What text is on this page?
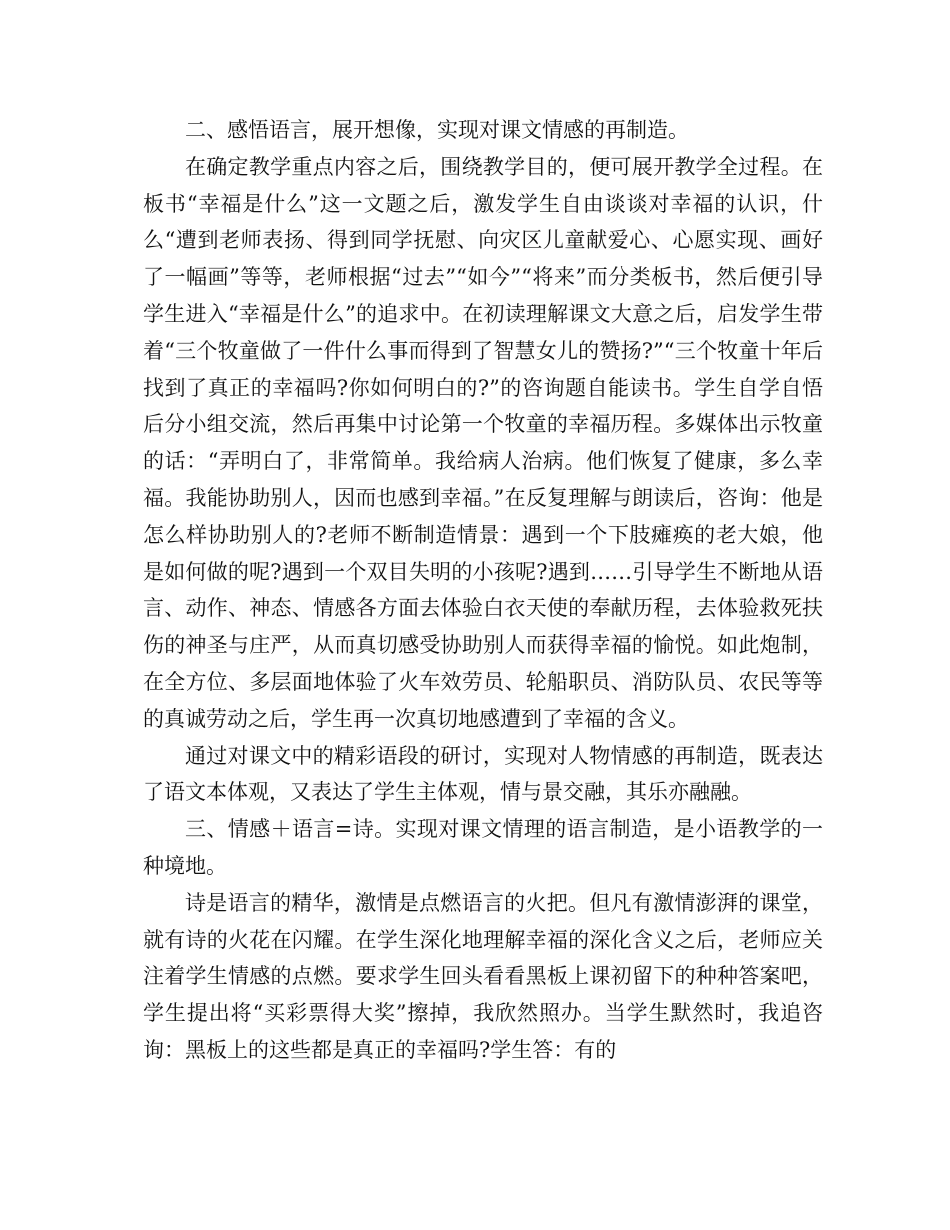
二、感悟语言，展开想像，实现对课文情感的再制造。

在确定教学重点内容之后，围绕教学目的，便可展开教学全过程。在板书“幸福是什么”这一文题之后，激发学生自由谈谈对幸福的认识，什么“遭到老师表扬、得到同学抚慰、向灾区儿童献爱心、心愿实现、画好了一幅画”等等，老师根据“过去”“如今”“将来”而分类板书，然后便引导学生进入“幸福是什么”的追求中。在初读理解课文大意之后，启发学生带着“三个牧童做了一件什么事而得到了智慧女儿的赞扬?”“三个牧童十年后找到了真正的幸福吗?你如何明白的?”的咨询题自能读书。学生自学自悟后分小组交流，然后再集中讨论第一个牧童的幸福历程。多媒体出示牧童的话：“弄明白了，非常简单。我给病人治病。他们恢复了健康，多么幸福。我能协助别人，因而也感到幸福。”在反复理解与朗读后，咨询：他是怎么样协助别人的?老师不断制造情景：遇到一个下肢瘫痪的老大娘，他是如何做的呢?遇到一个双目失明的小孩呢?遇到……引导学生不断地从语言、动作、神态、情感各方面去体验白衣天使的奉献历程，去体验救死扶伤的神圣与庄严，从而真切感受协助别人而获得幸福的愉悦。如此炮制，在全方位、多层面地体验了火车效劳员、轮船职员、消防队员、农民等等的真诚劳动之后，学生再一次真切地感遭到了幸福的含义。

通过对课文中的精彩语段的研讨，实现对人物情感的再制造，既表达了语文本体观，又表达了学生主体观，情与景交融，其乐亦融融。

三、情感＋语言=诗。实现对课文情理的语言制造，是小语教学的一种境地。

诗是语言的精华，激情是点燃语言的火把。但凡有激情澎湃的课堂，就有诗的火花在闪耀。在学生深化地理解幸福的深化含义之后，老师应关注着学生情感的点燃。要求学生回头看看黑板上课初留下的种种答案吧，学生提出将“买彩票得大奖”擦掉，我欣然照办。当学生默然时，我追咨询：黑板上的这些都是真正的幸福吗?学生答：有的
